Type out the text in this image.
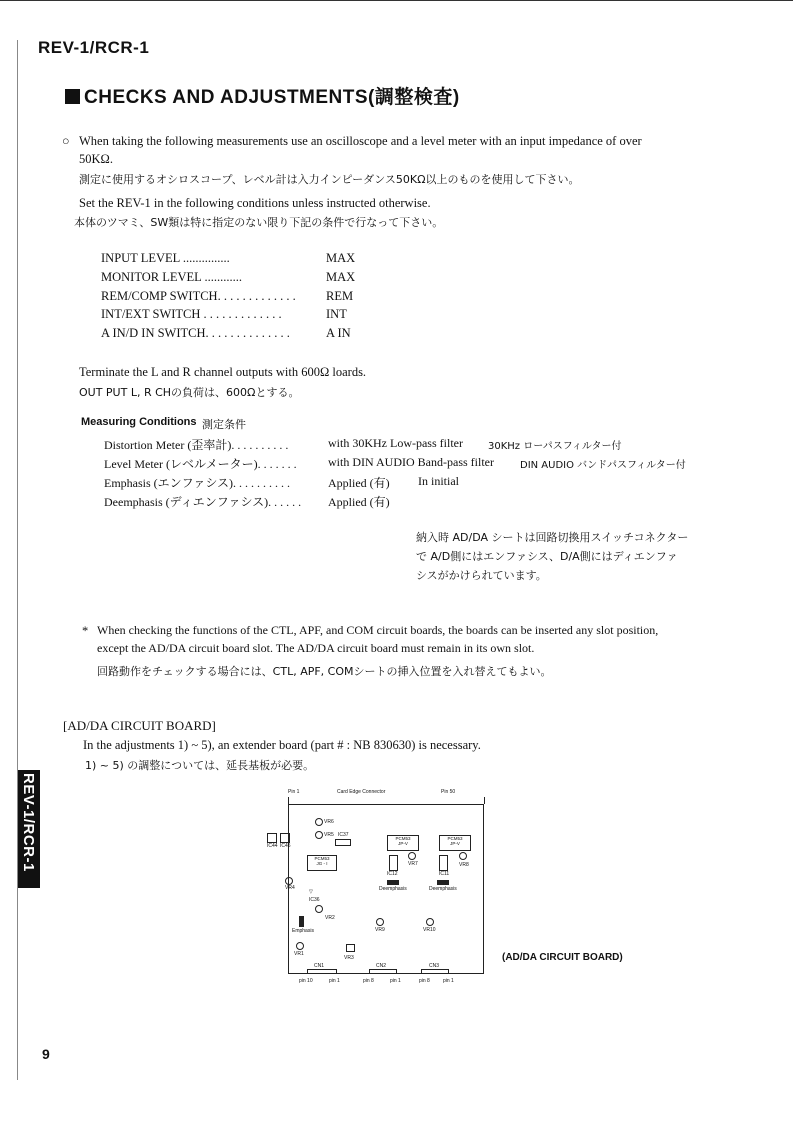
REV-1/RCR-1
CHECKS AND ADJUSTMENTS(調整検査)
○ When taking the following measurements use an oscilloscope and a level meter with an input impedance of over
50KΩ.
測定に使用するオシロスコープ、レベル計は入力インピーダンス50KΩ以上のものを使用して下さい。
Set the REV-1 in the following conditions unless instructed otherwise.
本体のツマミ、SW類は特に指定のない限り下記の条件で行なって下さい。
INPUT LEVEL ...............	MAX
MONITOR LEVEL ............	MAX
REM/COMP SWITCH. . . . . . . . . . . . . REM
INT/EXT SWITCH . . . . . . . . . . . . .	INT
A IN/D IN SWITCH. . . . . . . . . . . . . .	A IN
Terminate the L and R channel outputs with 600Ω loards.
OUT PUT L, R CHの負荷は、600Ωとする。
Measuring Conditions 測定条件
Distortion Meter (歪率計). . . . . . . . . .	with 30KHz Low-pass filter	30KHz ローパスフィルター付
Level Meter (レベルメーター). . . . . . .	with DIN AUDIO Band-pass filter	DIN AUDIO バンドパスフィルター付
Emphasis (エンファシス). . . . . . . . . .	Applied (有) In initial
Deemphasis (ディエンファシス). . . . . . Applied (有)
納入時 AD/DA シートは回路切換用スイッチコネクター
で A/D側にはエンファシス、D/A側にはディエンファ
シスがかけられています。
* When checking the functions of the CTL, APF, and COM circuit boards, the boards can be inserted any slot position,
except the AD/DA circuit board slot. The AD/DA circuit board must remain in its own slot.
回路動作をチェックする場合には、CTL, APF, COMシートの挿入位置を入れ替えてもよい。
[AD/DA CIRCUIT BOARD]
In the adjustments 1) ~ 5), an extender board (part # : NB 830630) is necessary.
1) ~ 5) の調整については、延長基板が必要。
REV-1/RCR-1	Pin 1	Card Edge Connector	Pin 50
IC44 IC45
VR6
VR5 IC37
PCM53
JP-V
PCM53
JP-V
PCM53
JG - I	VR7	VR8
IC12	IC11
VR4	Deemphasis	Deemphasis
▽
IC36
VR2
Emphasis	VR9	VR10
VR1
VR3
CN1	CN2	CN3
pin 10	pin 1	pin 8	pin 1	pin 8	pin 1
(AD/DA CIRCUIT BOARD)
9
